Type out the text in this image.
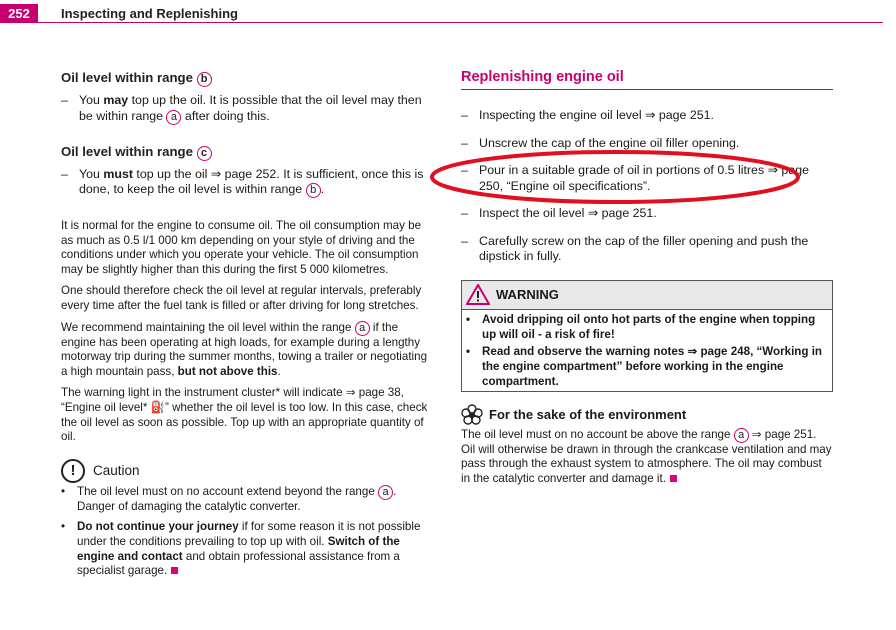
252	Inspecting and Replenishing
Oil level within range b
– You may top up the oil. It is possible that the oil level may then be within range a after doing this.
Oil level within range c
– You must top up the oil ⇒ page 252. It is sufficient, once this is done, to keep the oil level is within range b .

It is normal for the engine to consume oil. The oil consumption may be as much as 0.5 l/1 000 km depending on your style of driving and the conditions under which you operate your vehicle. The oil consumption may be slightly higher than this during the first 5 000 kilometres.

One should therefore check the oil level at regular intervals, preferably every time after the fuel tank is filled or after driving for long stretches.

We recommend maintaining the oil level within the range a if the engine has been operating at high loads, for example during a lengthy motorway trip during the summer months, towing a trailer or negotiating a high mountain pass, but not above this.

The warning light in the instrument cluster* will indicate ⇒ page 38, “Engine oil level* ⛽” whether the oil level is too low. In this case, check the oil level as soon as possible. Top up with an appropriate quantity of oil.

!	Caution
•	The oil level must on no account extend beyond the range a . Danger of damaging the catalytic converter.
•	Do not continue your journey if for some reason it is not possible under the conditions prevailing to top up with oil. Switch of the engine and contact and obtain professional assistance from a specialist garage.
Replenishing engine oil
– Inspecting the engine oil level ⇒ page 251.
– Unscrew the cap of the engine oil filler opening.
– Pour in a suitable grade of oil in portions of 0.5 litres ⇒ page 250, “Engine oil specifications”.
– Inspect the oil level ⇒ page 251.
– Carefully screw on the cap of the filler opening and push the dipstick in fully.
WARNING
•	Avoid dripping oil onto hot parts of the engine when topping up will oil - a risk of fire!
•	Read and observe the warning notes ⇒ page 248, “Working in the engine compartment” before working in the engine compartment.
For the sake of the environment

The oil level must on no account be above the range a ⇒ page 251. Oil will otherwise be drawn in through the crankcase ventilation and may pass through the exhaust system to atmosphere. The oil may combust in the catalytic converter and damage it.
